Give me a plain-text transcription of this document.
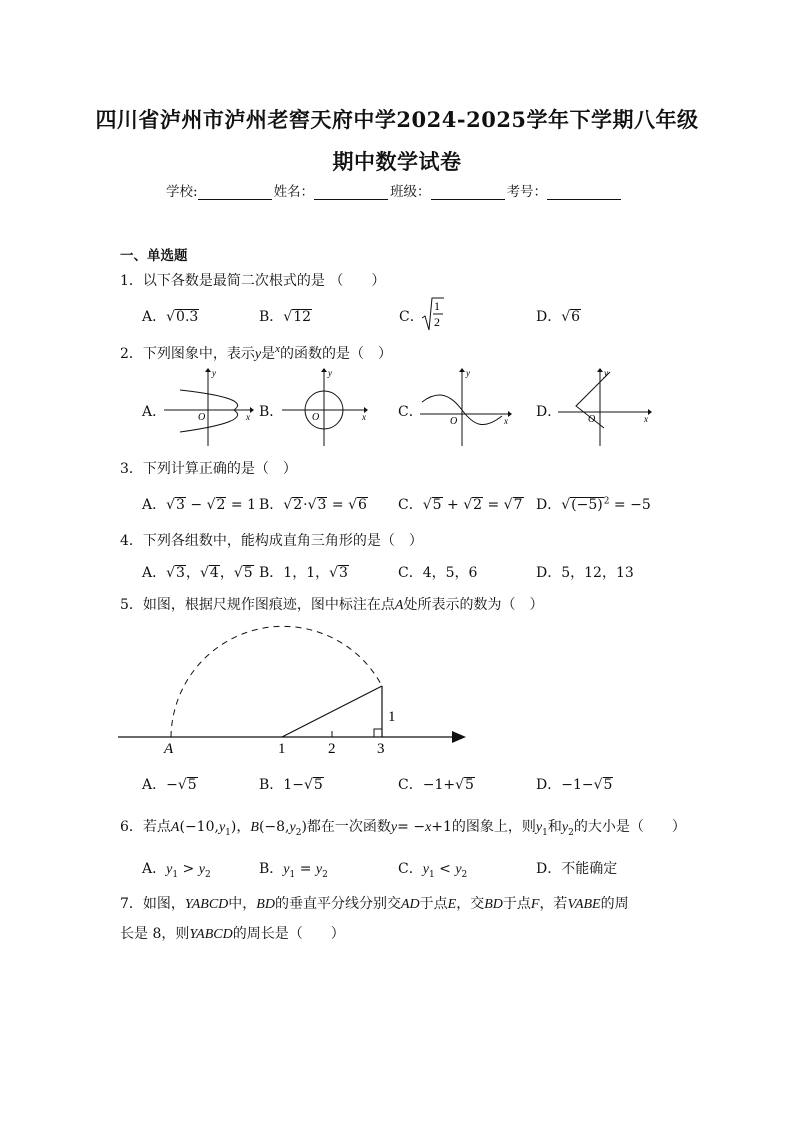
四川省泸州市泸州老窖天府中学2024-2025学年下学期八年级
期中数学试卷
学校:	姓名：	班级：	考号：
一、单选题
1．以下各数是最简二次根式的是 （　　）
A．√0.3	B．√12	C．
1
2	D．√6
2．下列图象中，表示y是$^x$的函数的是（　）
A．	O	x
y
B．	O	x
y
C．
O	x
y
D．	O	x
y
3．下列计算正确的是（　）
A．√3 − √2 = 1 B．√2·√3 = √6 C．√5 + √2 = √7 D．$√(-5)^2 = -5$
4．下列各组数中，能构成直角三角形的是（　）
A．√3，√4，√5 B．1，1，√3	C．4，5，6	D．5，12，13
5．如图，根据尺规作图痕迹，图中标注在点A处所表示的数为（　）
A	1	2	3
1
A．−√5	B．1−√5	C．−1+√5	D．−1−√5
6．若点$A(-10,y_1)$，$B(-8,y_2)$都在一次函数y= −x+1的图象上，则$y_1$和$y_2$的大小是（　　）
A．$y_1 > y_2$	B．$y_1 = y_2$	C．$y_1 < y_2$	D．不能确定
7．如图，YABCD中，BD的垂直平分线分别交AD于点E，交BD于点F，若VABE的周
长是 8，则YABCD的周长是（　　）
